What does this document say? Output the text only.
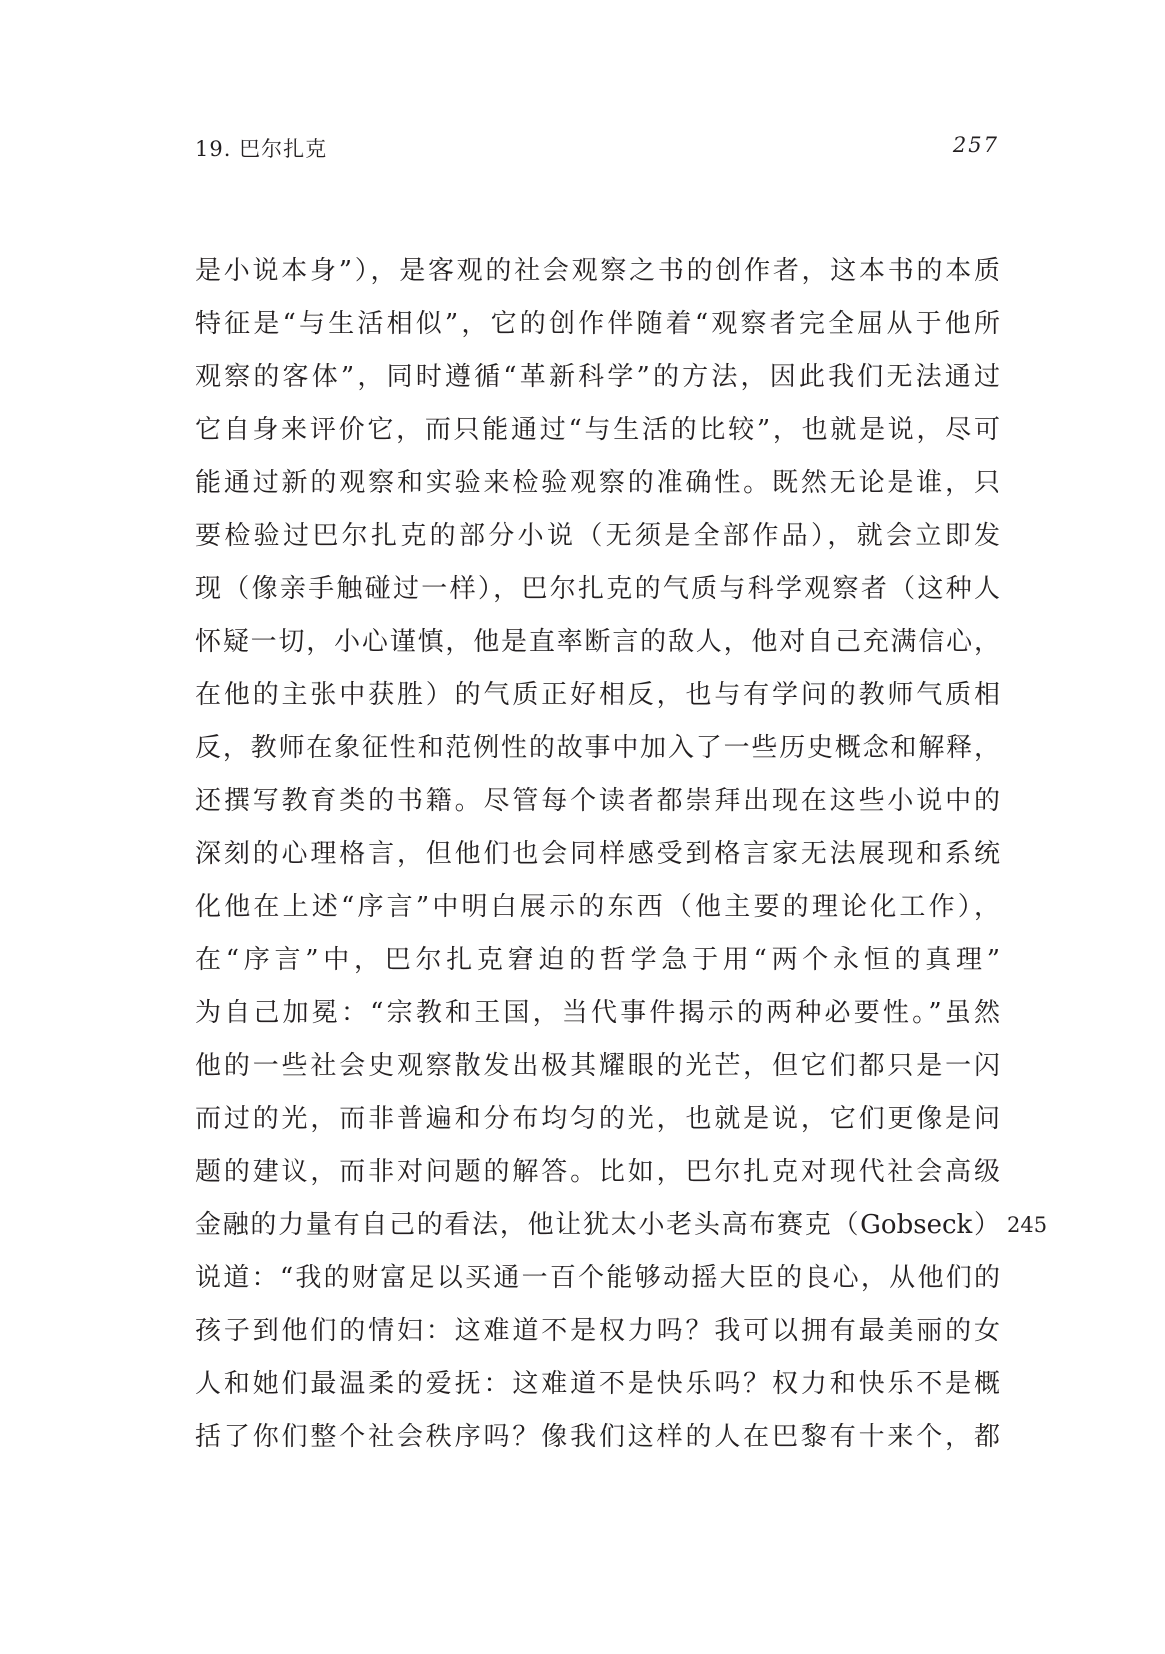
19. 巴尔扎克	257
是小说本身”），是客观的社会观察之书的创作者，这本书的本质
特征是“与生活相似”，它的创作伴随着“观察者完全屈从于他所
观察的客体”，同时遵循“革新科学”的方法，因此我们无法通过
它自身来评价它，而只能通过“与生活的比较”，也就是说，尽可
能通过新的观察和实验来检验观察的准确性。既然无论是谁，只
要检验过巴尔扎克的部分小说（无须是全部作品），就会立即发
现（像亲手触碰过一样），巴尔扎克的气质与科学观察者（这种人
怀疑一切，小心谨慎，他是直率断言的敌人，他对自己充满信心，
在他的主张中获胜）的气质正好相反，也与有学问的教师气质相
反，教师在象征性和范例性的故事中加入了一些历史概念和解释，
还撰写教育类的书籍。尽管每个读者都崇拜出现在这些小说中的
深刻的心理格言，但他们也会同样感受到格言家无法展现和系统
化他在上述“序言”中明白展示的东西（他主要的理论化工作），
在“序言”中，巴尔扎克窘迫的哲学急于用“两个永恒的真理”
为自己加冕：“宗教和王国，当代事件揭示的两种必要性。”虽然
他的一些社会史观察散发出极其耀眼的光芒，但它们都只是一闪
而过的光，而非普遍和分布均匀的光，也就是说，它们更像是问
题的建议，而非对问题的解答。比如，巴尔扎克对现代社会高级
金融的力量有自己的看法，他让犹太小老头高布赛克（Gobseck） 245
说道：“我的财富足以买通一百个能够动摇大臣的良心，从他们的
孩子到他们的情妇：这难道不是权力吗？我可以拥有最美丽的女
人和她们最温柔的爱抚：这难道不是快乐吗？权力和快乐不是概
括了你们整个社会秩序吗？像我们这样的人在巴黎有十来个，都
